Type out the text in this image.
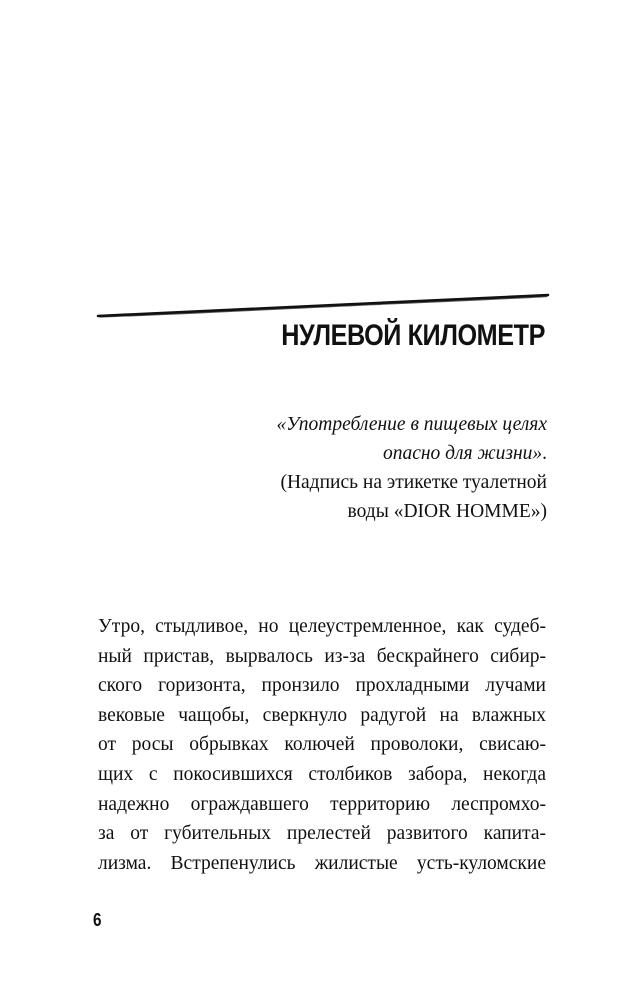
НУЛЕВОЙ КИЛОМЕТР
«Употребление в пищевых целях
опасно для жизни».
(Надпись на этикетке туалетной
воды «DIOR HOMME»)
Утро, стыдливое, но целеустремленное, как судеб-
ный пристав, вырвалось из-за бескрайнего сибир-
ского горизонта, пронзило прохладными лучами
вековые чащобы, сверкнуло радугой на влажных
от росы обрывках колючей проволоки, свисаю-
щих с покосившихся столбиков забора, некогда
надежно ограждавшего территорию леспромхо-
за от губительных прелестей развитого капита-
лизма. Встрепенулись жилистые усть-куломские
6
